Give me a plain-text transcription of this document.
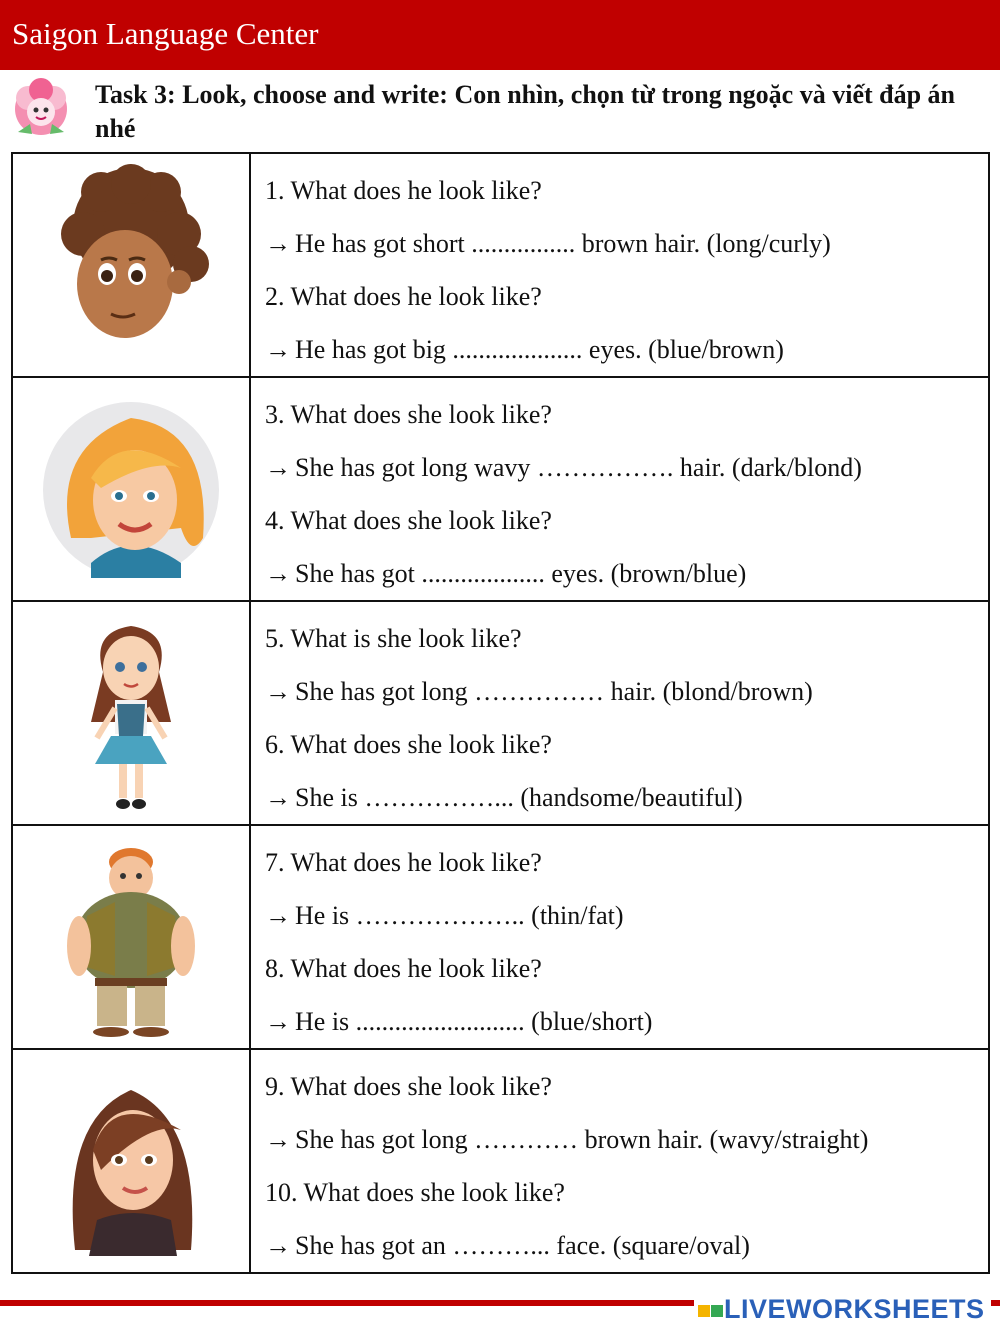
Saigon Language Center
Task 3: Look, choose and write: Con nhìn, chọn từ trong ngoặc và viết đáp án nhé

1. What does he look like?
→ He has got short ................ brown hair. (long/curly)
2. What does he look like?
→ He has got big .................... eyes. (blue/brown)

3. What does she look like?
→ She has got long wavy ……………. hair. (dark/blond)
4. What does she look like?
→ She has got ................... eyes. (brown/blue)

5. What is she look like?
→ She has got long …………… hair. (blond/brown)
6. What does she look like?
→ She is ……………... (handsome/beautiful)

7. What does he look like?
→ He is ……………….. (thin/fat)
8. What does he look like?
→ He is .......................... (blue/short)

9. What does she look like?
→ She has got long ………… brown hair. (wavy/straight)
10. What does she look like?
→ She has got an ………... face. (square/oval)
LIVEWORKSHEETS
